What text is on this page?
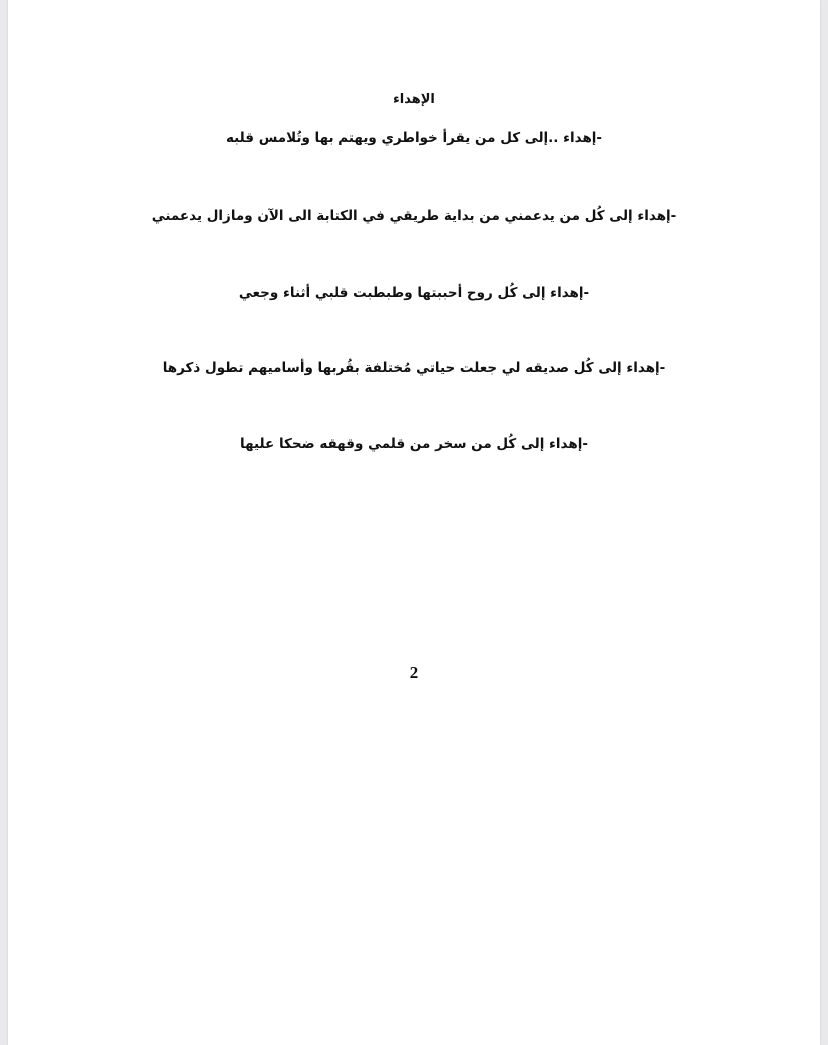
الإهداء
-إهداء ..إلى كل من يقرأ خواطري ويهتم بها وتُلامس قلبه
-إهداء إلى كُل من يدعمني من بداية طريقي في الكتابة الى الآن ومازال يدعمني
-إهداء إلى كُل روح أحببتها وطبطبت قلبي أثناء وجعي
-إهداء إلى كُل صديقه لي جعلت حياتي مُختلفة بقُربها وأساميهم تطول ذكرها
-إهداء إلى كُل من سخر من قلمي وقهقه ضحكا عليها
2
